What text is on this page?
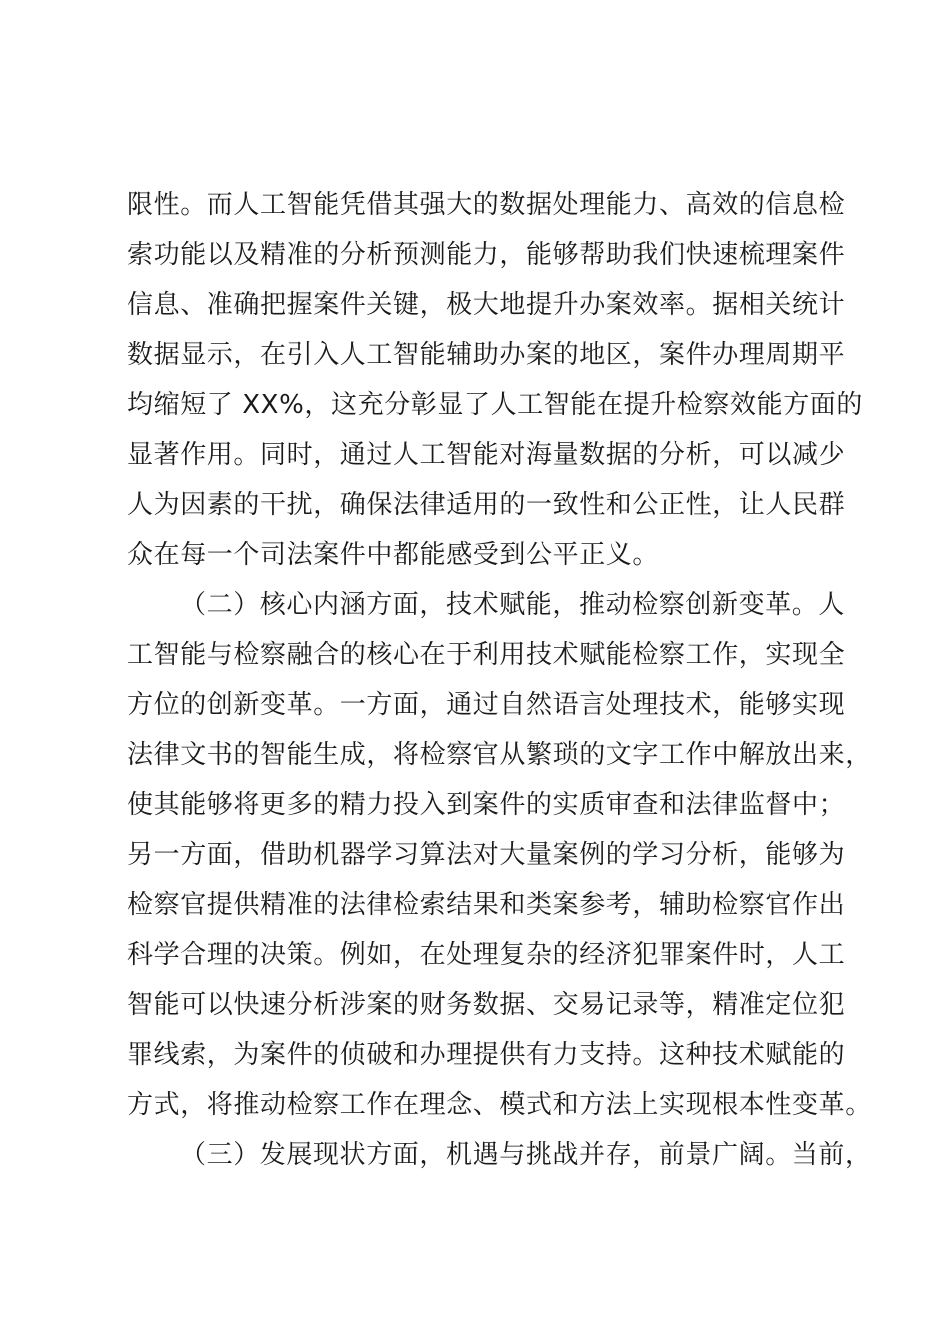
限性。而人工智能凭借其强大的数据处理能力、高效的信息检
索功能以及精准的分析预测能力，能够帮助我们快速梳理案件
信息、准确把握案件关键，极大地提升办案效率。据相关统计
数据显示，在引入人工智能辅助办案的地区，案件办理周期平
均缩短了 XX%，这充分彰显了人工智能在提升检察效能方面的
显著作用。同时，通过人工智能对海量数据的分析，可以减少
人为因素的干扰，确保法律适用的一致性和公正性，让人民群
众在每一个司法案件中都能感受到公平正义。
（二）核心内涵方面，技术赋能，推动检察创新变革。人
工智能与检察融合的核心在于利用技术赋能检察工作，实现全
方位的创新变革。一方面，通过自然语言处理技术，能够实现
法律文书的智能生成，将检察官从繁琐的文字工作中解放出来，
使其能够将更多的精力投入到案件的实质审查和法律监督中；
另一方面，借助机器学习算法对大量案例的学习分析，能够为
检察官提供精准的法律检索结果和类案参考，辅助检察官作出
科学合理的决策。例如，在处理复杂的经济犯罪案件时，人工
智能可以快速分析涉案的财务数据、交易记录等，精准定位犯
罪线索，为案件的侦破和办理提供有力支持。这种技术赋能的
方式，将推动检察工作在理念、模式和方法上实现根本性变革。
（三）发展现状方面，机遇与挑战并存，前景广阔。当前，
